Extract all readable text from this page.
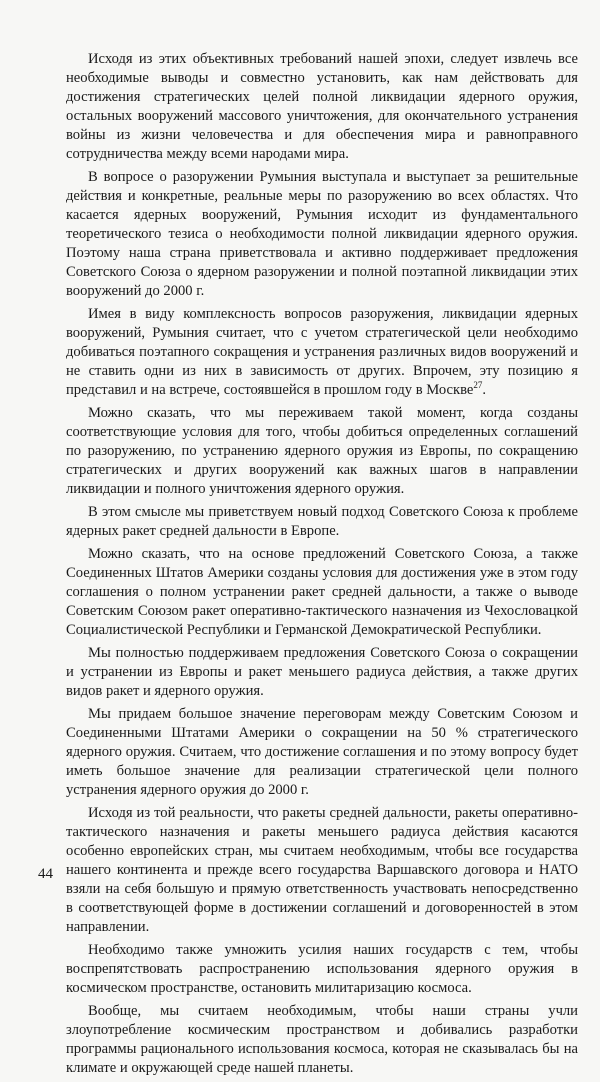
Исходя из этих объективных требований нашей эпохи, следует извлечь все необходимые выводы и совместно установить, как нам действовать для достижения стратегических целей полной ликвидации ядерного оружия, остальных вооружений массового уничтожения, для окончательного устранения войны из жизни человечества и для обеспечения мира и равноправного сотрудничества между всеми народами мира.

В вопросе о разоружении Румыния выступала и выступает за решительные действия и конкретные, реальные меры по разоружению во всех областях. Что касается ядерных вооружений, Румыния исходит из фундаментального теоретического тезиса о необходимости полной ликвидации ядерного оружия. Поэтому наша страна приветствовала и активно поддерживает предложения Советского Союза о ядерном разоружении и полной поэтапной ликвидации этих вооружений до 2000 г.

Имея в виду комплексность вопросов разоружения, ликвидации ядерных вооружений, Румыния считает, что с учетом стратегической цели необходимо добиваться поэтапного сокращения и устранения различных видов вооружений и не ставить одни из них в зависимость от других. Впрочем, эту позицию я представил и на встрече, состоявшейся в прошлом году в Москве$^{27}$.

Можно сказать, что мы переживаем такой момент, когда созданы соответствующие условия для того, чтобы добиться определенных соглашений по разоружению, по устранению ядерного оружия из Европы, по сокращению стратегических и других вооружений как важных шагов в направлении ликвидации и полного уничтожения ядерного оружия.

В этом смысле мы приветствуем новый подход Советского Союза к проблеме ядерных ракет средней дальности в Европе.

Можно сказать, что на основе предложений Советского Союза, а также Соединенных Штатов Америки созданы условия для достижения уже в этом году соглашения о полном устранении ракет средней дальности, а также о выводе Советским Союзом ракет оперативно-тактического назначения из Чехословацкой Социалистической Республики и Германской Демократической Республики.

Мы полностью поддерживаем предложения Советского Союза о сокращении и устранении из Европы и ракет меньшего радиуса действия, а также других видов ракет и ядерного оружия.

Мы придаем большое значение переговорам между Советским Союзом и Соединенными Штатами Америки о сокращении на 50 % стратегического ядерного оружия. Считаем, что достижение соглашения и по этому вопросу будет иметь большое значение для реализации стратегической цели полного устранения ядерного оружия до 2000 г.

Исходя из той реальности, что ракеты средней дальности, ракеты оперативно-тактического назначения и ракеты меньшего радиуса действия касаются особенно европейских стран, мы считаем необходимым, чтобы все государства нашего континента и прежде всего государства Варшавского договора и НАТО взяли на себя большую и прямую ответственность участвовать непосредственно в соответствующей форме в достижении соглашений и договоренностей в этом направлении.

Необходимо также умножить усилия наших государств с тем, чтобы воспрепятствовать распространению использования ядерного оружия в космическом пространстве, остановить милитаризацию космоса.

Вообще, мы считаем необходимым, чтобы наши страны учли злоупотребление космическим пространством и добивались разработки программы рационального использования космоса, которая не сказывалась бы на климате и окружающей среде нашей планеты.

44
